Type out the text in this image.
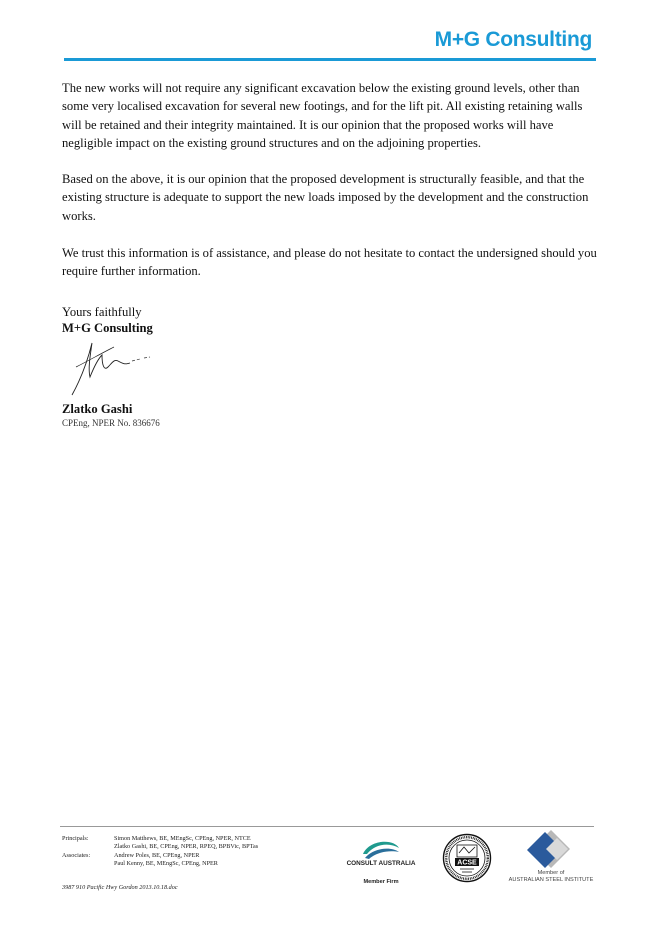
M+G Consulting
The new works will not require any significant excavation below the existing ground levels, other than some very localised excavation for several new footings, and for the lift pit. All existing retaining walls will be retained and their integrity maintained. It is our opinion that the proposed works will have negligible impact on the existing ground structures and on the adjoining properties.
Based on the above, it is our opinion that the proposed development is structurally feasible, and that the existing structure is adequate to support the new loads imposed by the development and the construction works.
We trust this information is of assistance, and please do not hesitate to contact the undersigned should you require further information.
Yours faithfully
M+G Consulting
Zlatko Gashi
CPEng, NPER No. 836676
Principals:	Simon Matthews, BE, MEngSc, CPEng, NPER, NTCE
Zlatko Gashi, BE, CPEng, NPER, RPEQ, BPBVic, BPTas
Associates:	Andrew Poles, BE, CPEng, NPER
Paul Kenny, BE, MEngSc, CPEng, NPER
3987 910 Pacific Hwy Gordon 2013.10.18.doc
CONSULT AUSTRALIA
Member Firm
ACSE
Member of
AUSTRALIAN STEEL INSTITUTE
